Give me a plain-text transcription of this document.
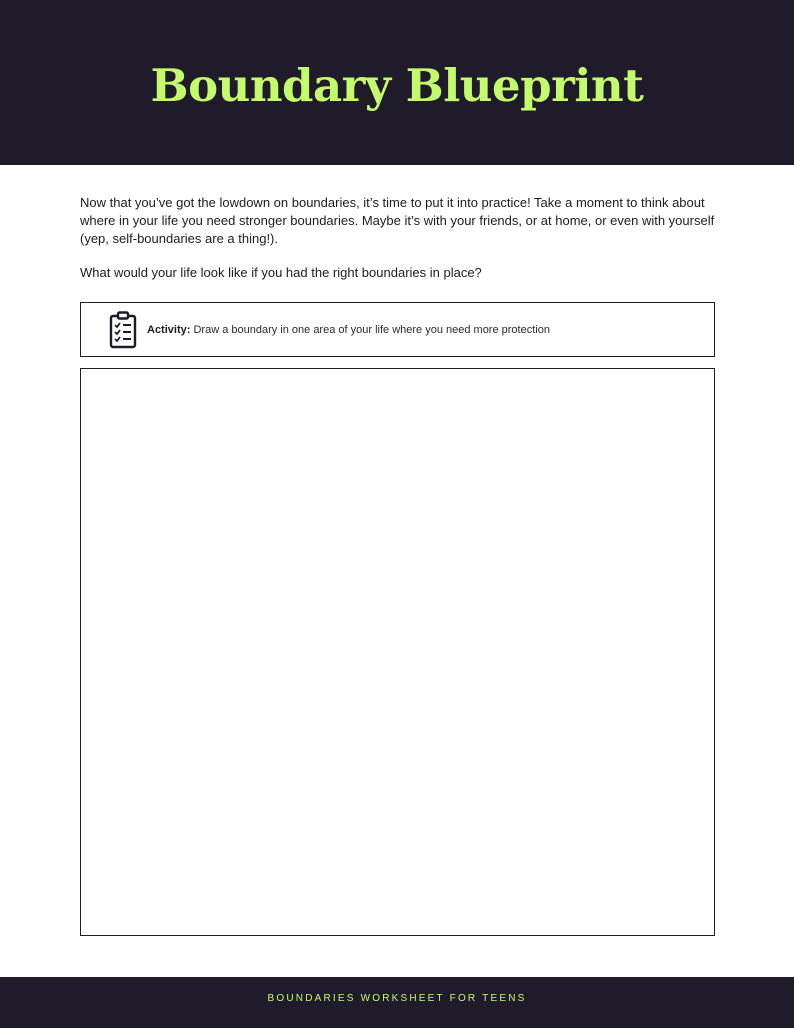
Boundary Blueprint

Now that you’ve got the lowdown on boundaries, it’s time to put it into practice! Take a moment to think about where in your life you need stronger boundaries. Maybe it’s with your friends, or at home, or even with yourself (yep, self-boundaries are a thing!).

What would your life look like if you had the right boundaries in place?

Activity: Draw a boundary in one area of your life where you need more protection
BOUNDARIES WORKSHEET FOR TEENS
